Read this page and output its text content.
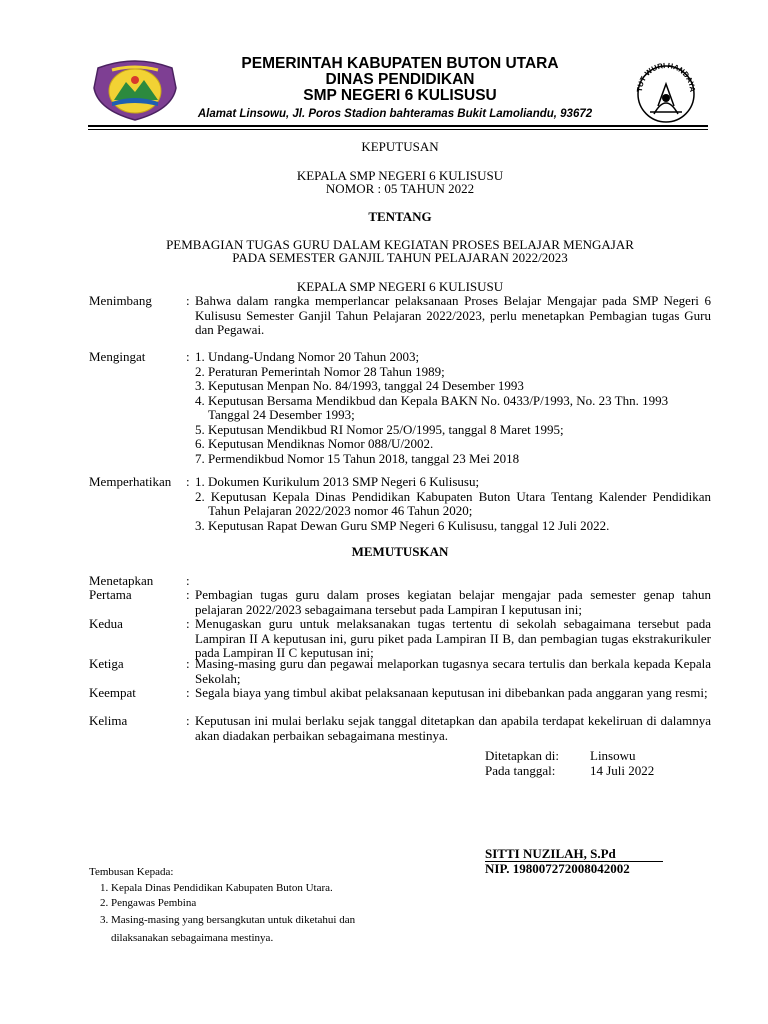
PEMERINTAH KABUPATEN BUTON UTARA
DINAS PENDIDIKAN
SMP NEGERI 6 KULISUSU
Alamat Linsowu, Jl. Poros Stadion bahteramas Bukit Lamoliandu, 93672
TUT WURI HANDAYA
KEPUTUSAN
KEPALA SMP NEGERI 6 KULISUSU
NOMOR : 05 TAHUN 2022
TENTANG
PEMBAGIAN TUGAS GURU DALAM KEGIATAN PROSES BELAJAR MENGAJAR
PADA SEMESTER GANJIL TAHUN PELAJARAN 2022/2023
KEPALA SMP NEGERI 6 KULISUSU
Menimbang	: Bahwa dalam rangka memperlancar pelaksanaan Proses Belajar Mengajar pada SMP Negeri 6 Kulisusu Semester Ganjil Tahun Pelajaran 2022/2023, perlu menetapkan Pembagian tugas Guru dan Pegawai.
Mengingat	: 1. Undang-Undang Nomor 20 Tahun 2003;
2. Peraturan Pemerintah Nomor 28 Tahun 1989;
3. Keputusan Menpan No. 84/1993, tanggal 24 Desember 1993
4. Keputusan Bersama Mendikbud dan Kepala BAKN No. 0433/P/1993, No. 23 Thn. 1993 Tanggal 24 Desember 1993;
5. Keputusan Mendikbud RI Nomor 25/O/1995, tanggal 8 Maret 1995;
6. Keputusan Mendiknas Nomor 088/U/2002.
7. Permendikbud Nomor 15 Tahun 2018, tanggal 23 Mei 2018
Memperhatikan : 1. Dokumen Kurikulum 2013 SMP Negeri 6 Kulisusu;
2. Keputusan Kepala Dinas Pendidikan Kabupaten Buton Utara Tentang Kalender Pendidikan Tahun Pelajaran 2022/2023 nomor 46 Tahun 2020;
3. Keputusan Rapat Dewan Guru SMP Negeri 6 Kulisusu, tanggal 12 Juli 2022.
MEMUTUSKAN
Menetapkan	:
Pertama	: Pembagian tugas guru dalam proses kegiatan belajar mengajar pada semester genap tahun pelajaran 2022/2023 sebagaimana tersebut pada Lampiran I keputusan ini;
Kedua	: Menugaskan guru untuk melaksanakan tugas tertentu di sekolah sebagaimana tersebut pada Lampiran II A keputusan ini, guru piket pada Lampiran II B, dan pembagian tugas ekstrakurikuler pada Lampiran II C keputusan ini;
Ketiga	: Masing-masing guru dan pegawai melaporkan tugasnya secara tertulis dan berkala kepada Kepala Sekolah;
Keempat	: Segala biaya yang timbul akibat pelaksanaan keputusan ini dibebankan pada anggaran yang resmi;
Kelima	: Keputusan ini mulai berlaku sejak tanggal ditetapkan dan apabila terdapat kekeliruan di dalamnya akan diadakan perbaikan sebagaimana mestinya.
Ditetapkan di: Linsowu
Pada tanggal:	14 Juli 2022
SITTI NUZILAH, S.Pd
NIP. 198007272008042002
Tembusan Kepada:
1. Kepala Dinas Pendidikan Kabupaten Buton Utara.
2. Pengawas Pembina
3. Masing-masing yang bersangkutan untuk diketahui dan dilaksanakan sebagaimana mestinya.
